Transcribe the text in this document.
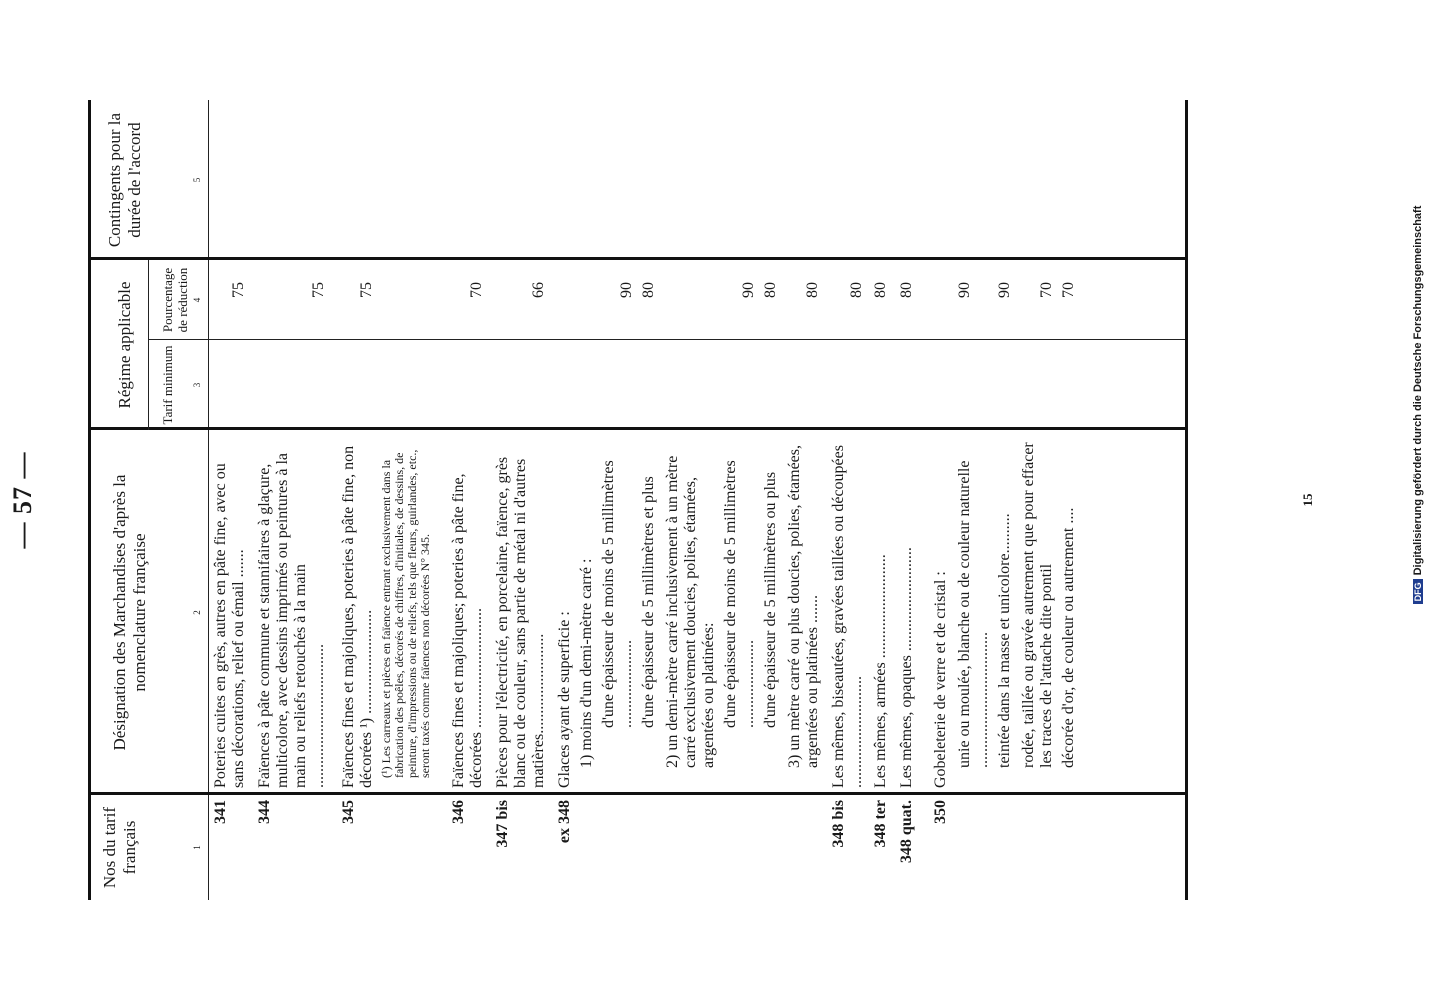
— 57 —
Nos du tarif français
Désignation des Marchandises d'après la nomenclature française
Régime applicable Tarif minimum
Pourcentage de réduction
Contingents pour la durée de l'accord
1
2
3
4
5
341
Poteries cuites en grès, autres en pâte fine, avec ou sans décorations, relief ou émail .......
75
344
Faïences à pâte commune et stannifaires à glaçure, multicolore, avec dessins imprimés ou peintures à la main ou reliefs retouchés à la main ....................................
75
345
Faïences fines et majoliques, poteries à pâte fine, non décorées ¹) .......................... (¹) Les carreaux et pièces en faïence entrant exclusivement dans la fabrication des poêles, décorés de chiffres, d'initiales, de dessins, de peinture, d'impressions ou de reliefs, tels que fleurs, guirlandes, etc., seront taxés comme faïences non décorées N° 345.
75
346
Faïences fines et majoliques; poteries à pâte fine, décorées ..............................
70
347 bis
Pièces pour l'électricité, en porcelaine, faïence, grès blanc ou de couleur, sans partie de métal ni d'autres matières.........................
66
ex 348
Glaces ayant de superficie : 1) moins d'un demi-mètre carré : d'une épaisseur de moins de 5 millimètres ......................
90
d'une épaisseur de 5 millimètres et plus
80
2) un demi-mètre carré inclusivement à un mètre carré exclusivement doucies, polies, étamées, argentées ou platinées: d'une épaisseur de moins de 5 millimètres ......................
90
d'une épaisseur de 5 millimètres ou plus
80
3) un mètre carré ou plus doucies, polies, étamées, argentées ou platinées .......
80
348 bis
Les mêmes, biseautées, gravées taillées ou découpées ............................
80
348 ter
Les mêmes, armées ..........................
80
348 quat.
Les mêmes, opaques ..........................
80
350
Gobeleterie de verre et de cristal : unie ou moulée, blanche ou de couleur naturelle ..................................
90
teintée dans la masse et unicolore..........
90
rodée, taillée ou gravée autrement que pour effacer les traces de l'attache dite pontil
70
décorée d'or, de couleur ou autrement ....
70
15
DFGDigitalisierung gefördert durch die Deutsche Forschungsgemeinschaft
